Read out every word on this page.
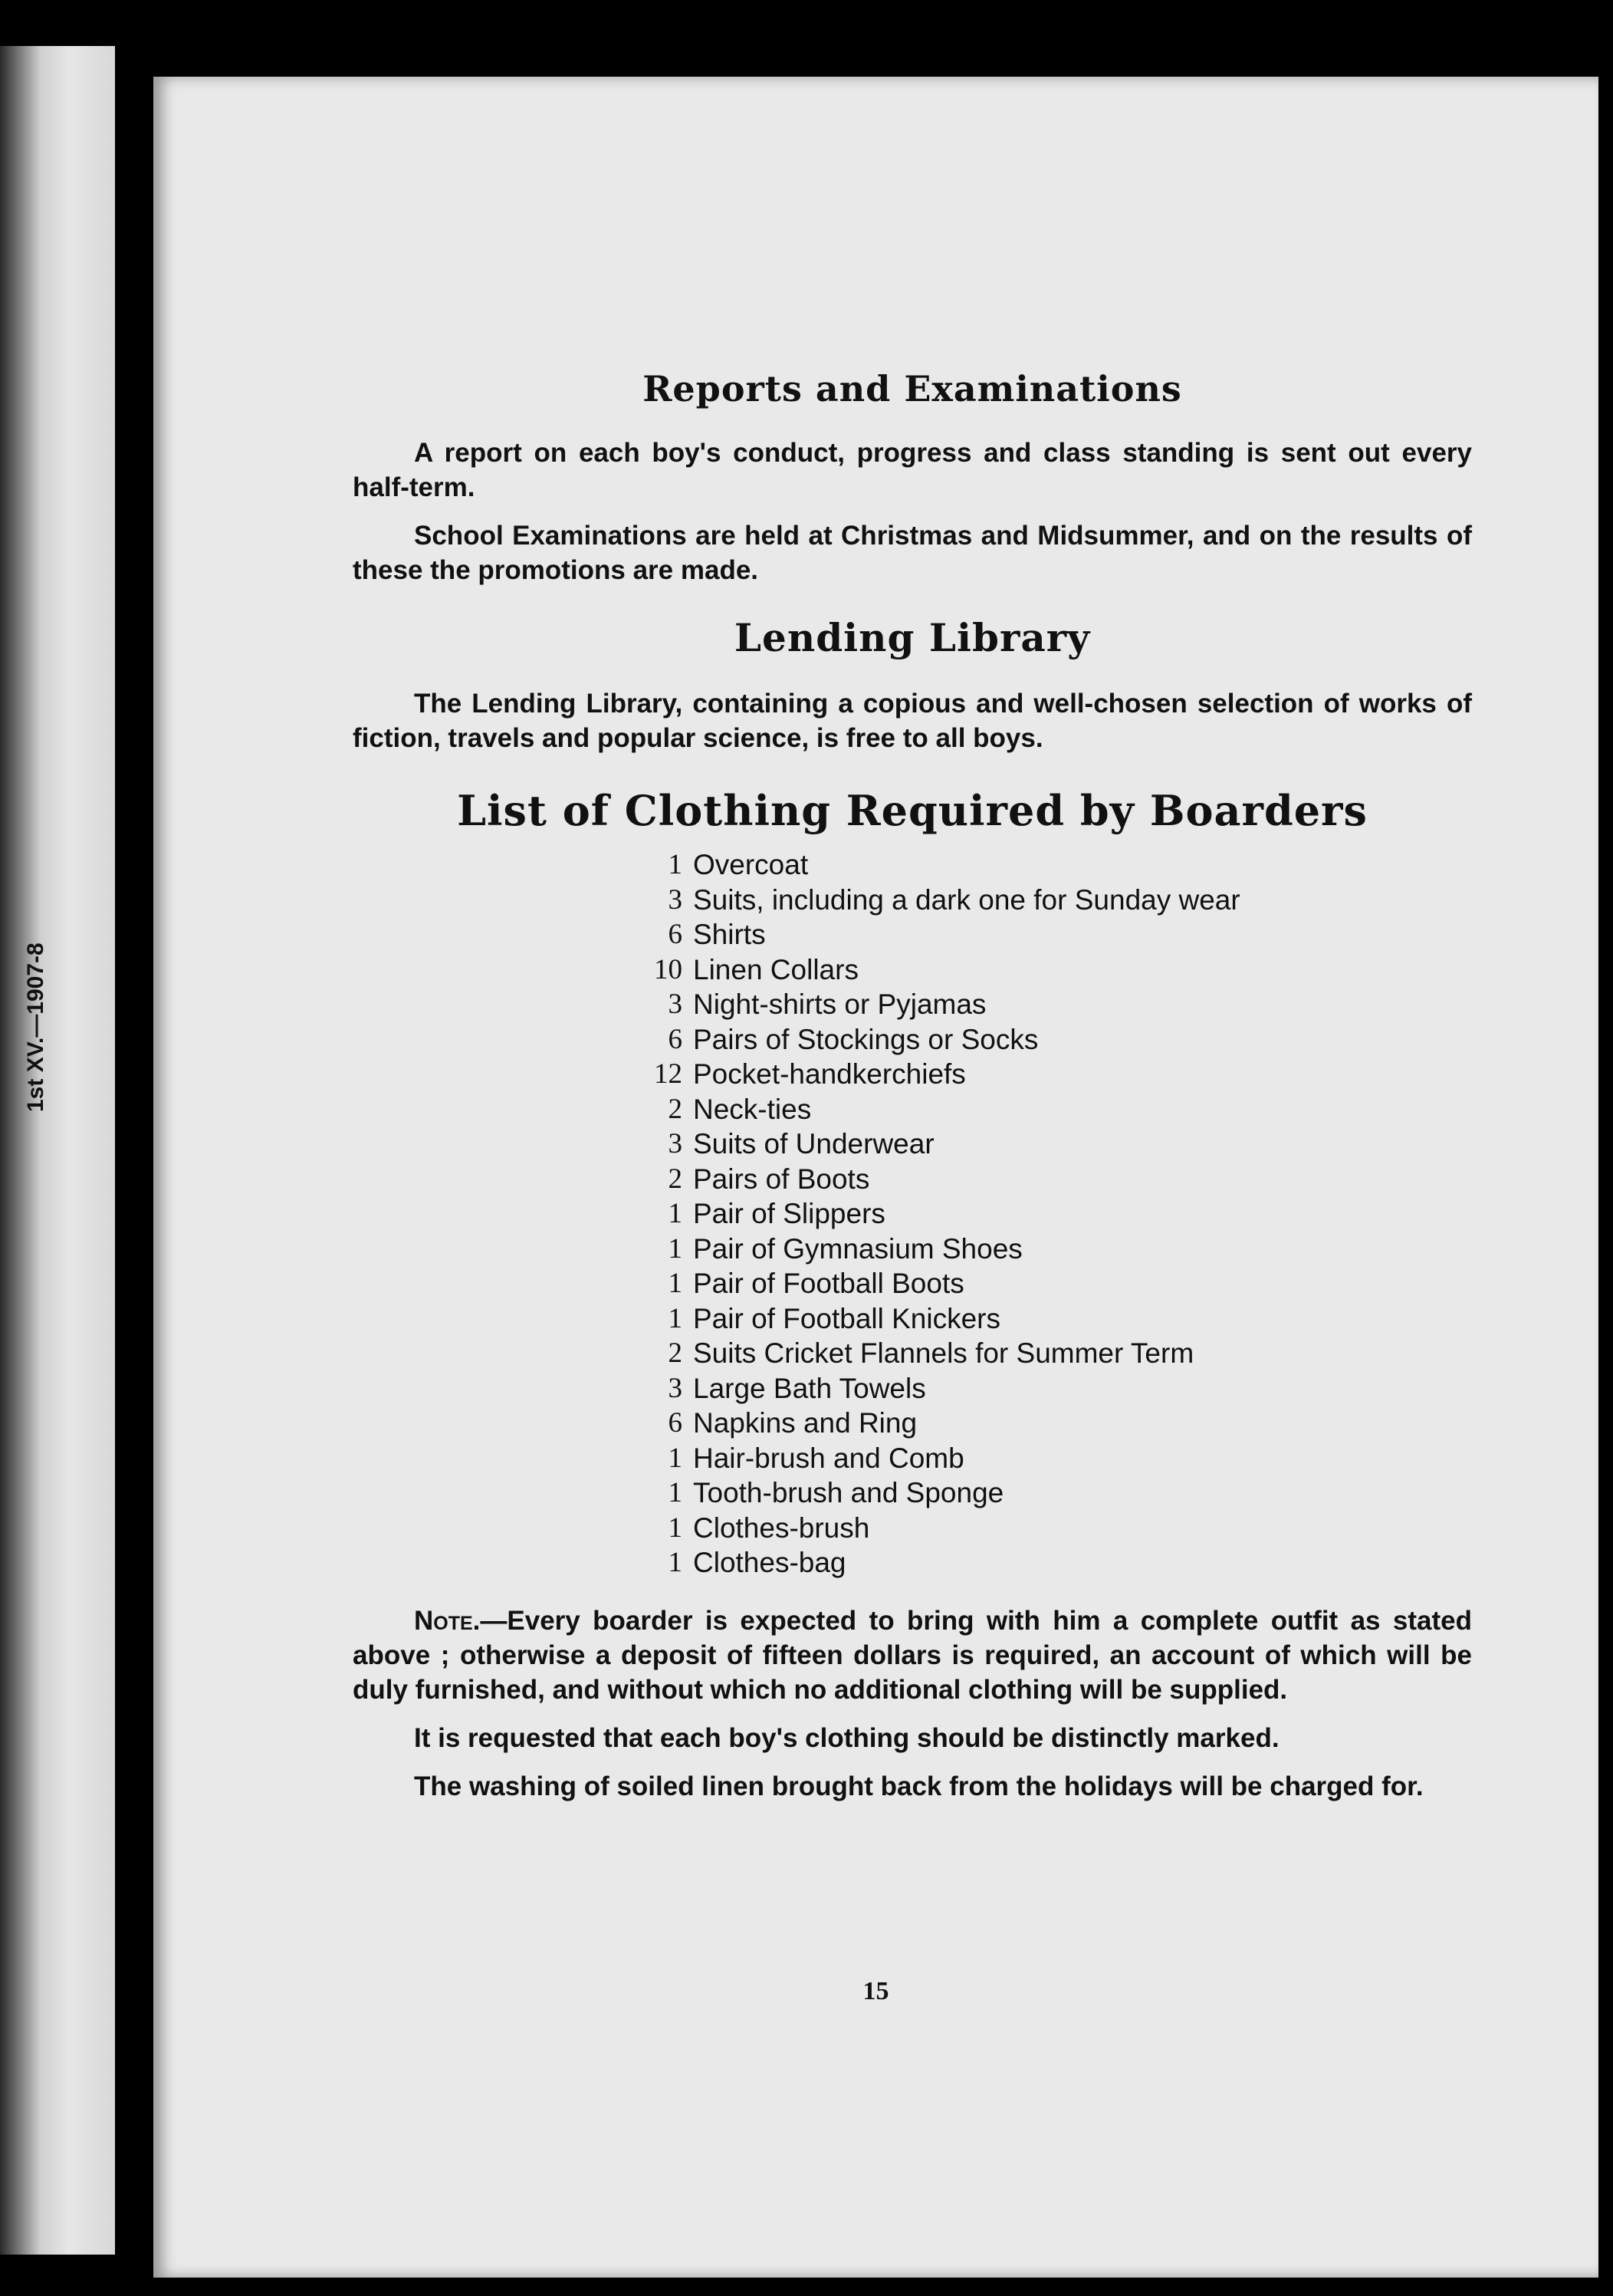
1st XV.—1907-8
Reports and Examinations

A report on each boy's conduct, progress and class standing is sent out every half-term.

School Examinations are held at Christmas and Midsummer, and on the results of these the promotions are made.

Lending Library

The Lending Library, containing a copious and well-chosen selection of works of fiction, travels and popular science, is free to all boys.

List of Clothing Required by Boarders
1 Overcoat
3 Suits, including a dark one for Sunday wear
6 Shirts
10 Linen Collars
3 Night-shirts or Pyjamas
6 Pairs of Stockings or Socks
12 Pocket-handkerchiefs
2 Neck-ties
3 Suits of Underwear
2 Pairs of Boots
1 Pair of Slippers
1 Pair of Gymnasium Shoes
1 Pair of Football Boots
1 Pair of Football Knickers
2 Suits Cricket Flannels for Summer Term
3 Large Bath Towels
6 Napkins and Ring
1 Hair-brush and Comb
1 Tooth-brush and Sponge
1 Clothes-brush
1 Clothes-bag

Note.—Every boarder is expected to bring with him a complete outfit as stated above ; otherwise a deposit of fifteen dollars is required, an account of which will be duly furnished, and without which no additional clothing will be supplied.

It is requested that each boy's clothing should be distinctly marked.

The washing of soiled linen brought back from the holidays will be charged for.

15
